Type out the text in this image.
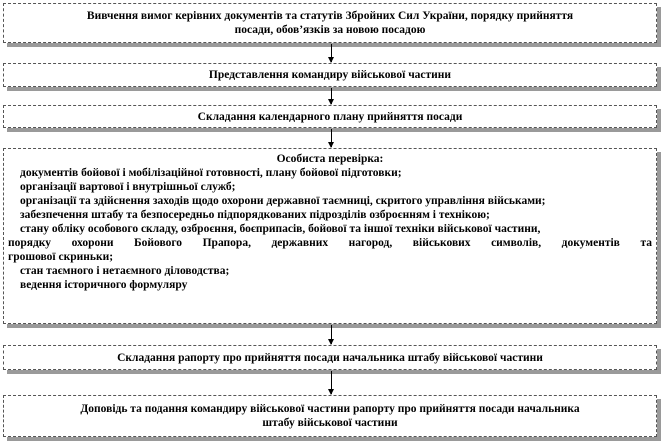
Вивчення вимог керівних документів та статутів Збройних Сил України, порядку прийняття
посади, обов’язків за новою посадою
Представлення командиру військової частини
Складання календарного плану прийняття посади
Особиста перевірка:
документів бойової і мобілізаційної готовності, плану бойової підготовки;
організації вартової і внутрішньої служб;
організації та здійснення заходів щодо охорони державної таємниці, скритого управління військами;
забезпечення штабу та безпосередньо підпорядкованих підрозділів озброєнням і технікою;
стану обліку особового складу, озброєння, боєприпасів, бойової та іншої техніки військової частини,
порядку охорони Бойового Прапора, державних нагород, військових символів, документів та
грошової скриньки;
стан таємного і нетаємного діловодства;
ведення історичного формуляру
Складання рапорту про прийняття посади начальника штабу військової частини
Доповідь та подання командиру військової частини рапорту про прийняття посади начальника
штабу військової частини
